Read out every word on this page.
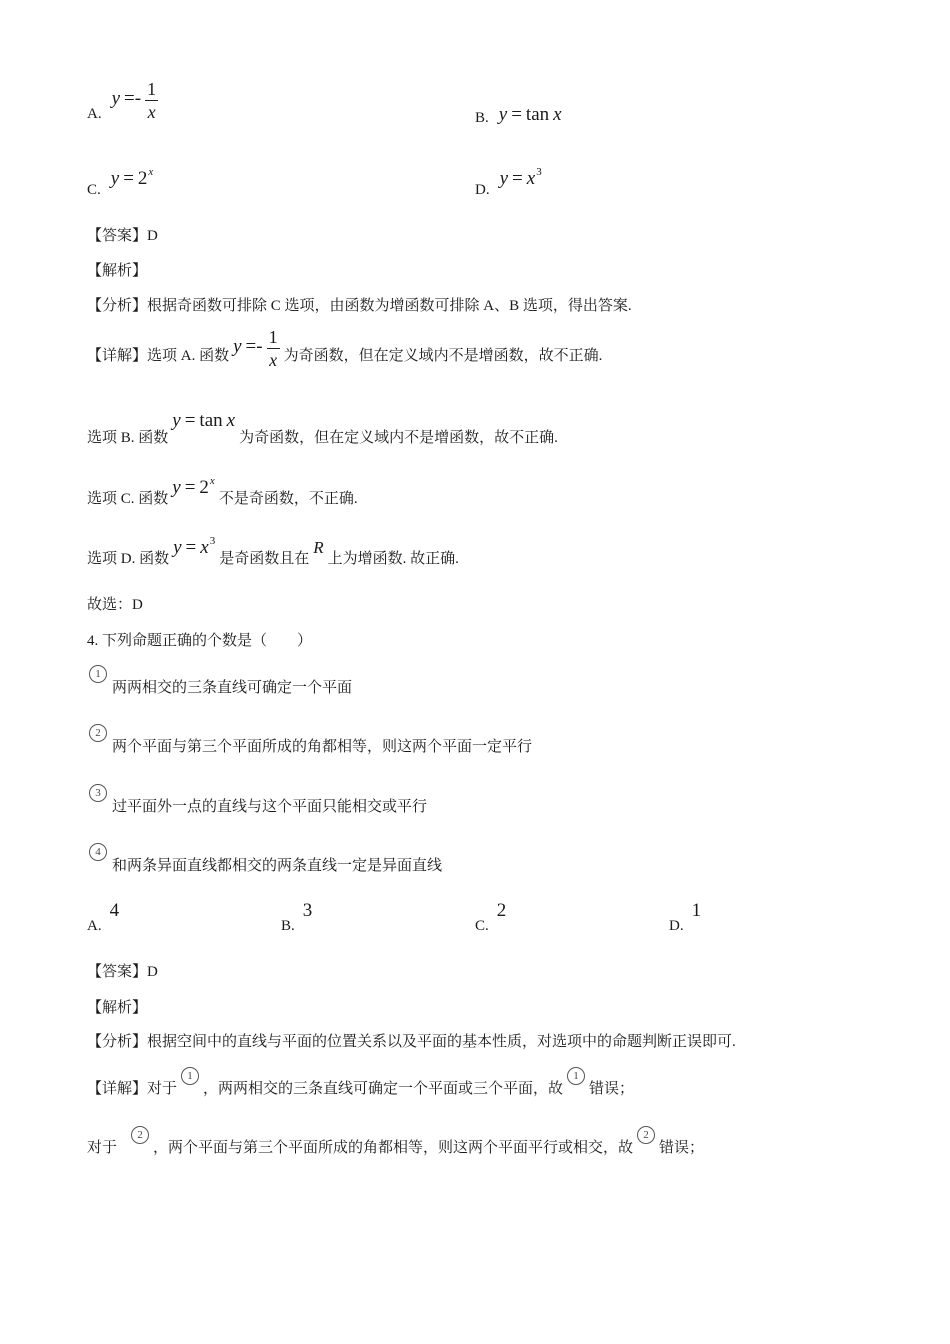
A. $y =- \frac{1}{x}$	B. y = tan x
C. $y = 2^x$
D. $y = x^3$
【答案】D
【解析】
【分析】根据奇函数可排除 C 选项，由函数为增函数可排除 A、B 选项，得出答案.
【详解】选项 A. 函数 $y =- \frac{1}{x}$ 为奇函数，但在定义域内不是增函数，故不正确.
选项 B. 函数 y = tan x 为奇函数，但在定义域内不是增函数，故不正确.
选项 C. 函数 $y = 2^x$ 不是奇函数，不正确.
选项 D. 函数 $y = x^3$ 是奇函数且在 R 上为增函数. 故正确.
故选：D
4. 下列命题正确的个数是（　　）
1
两两相交的三条直线可确定一个平面
2
两个平面与第三个平面所成的角都相等，则这两个平面一定平行
3
过平面外一点的直线与这个平面只能相交或平行
4
和两条异面直线都相交的两条直线一定是异面直线
A. 4
B. 3
C. 2
D. 1
【答案】D
【解析】
【分析】根据空间中的直线与平面的位置关系以及平面的基本性质，对选项中的命题判断正误即可.
【详解】对于 1 ，两两相交的三条直线可确定一个平面或三个平面，故 1 错误；
对于 2 ，两个平面与第三个平面所成的角都相等，则这两个平面平行或相交，故 2 错误；
